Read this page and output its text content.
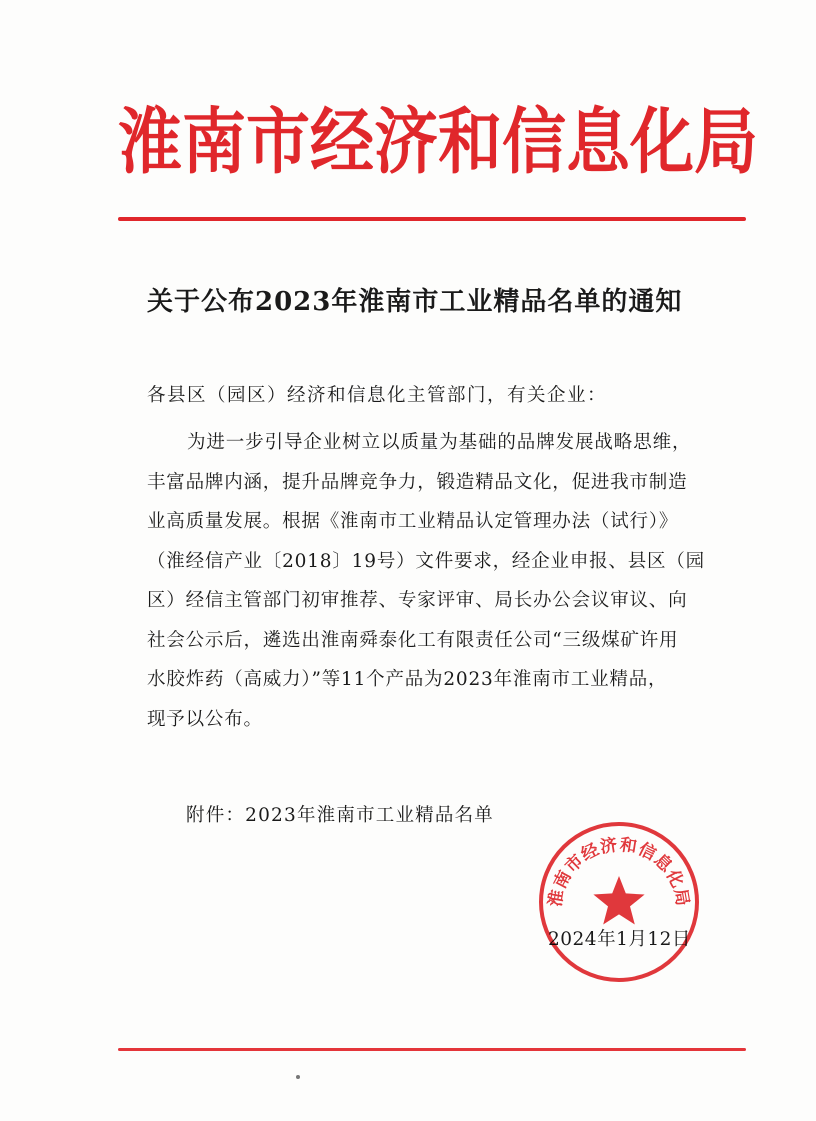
淮 南 市 经 济 和 信 息 化 局
关于公布2023年淮南市工业精品名单的通知

各县区（园区）经济和信息化主管部门，有关企业：

为进一步引导企业树立以质量为基础的品牌发展战略思维，
丰富品牌内涵，提升品牌竞争力，锻造精品文化，促进我市制造
业高质量发展。根据《淮南市工业精品认定管理办法（试行）》
（淮经信产业〔2018〕19号）文件要求，经企业申报、县区（园
区）经信主管部门初审推荐、专家评审、局长办公会议审议、向
社会公示后，遴选出淮南舜泰化工有限责任公司“三级煤矿许用
水胶炸药（高威力）”等11个产品为2023年淮南市工业精品，
现予以公布。

附件：2023年淮南市工业精品名单

2024年1月12日

淮南市经济和信息化局
